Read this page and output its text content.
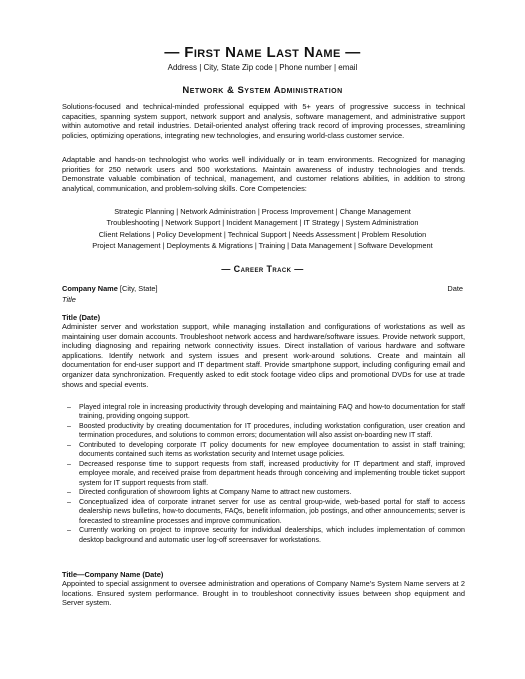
— First Name Last Name —
Address | City, State Zip code | Phone number | email
Network & System Administration
Solutions-focused and technical-minded professional equipped with 5+ years of progressive success in technical capacities, spanning system support, network support and analysis, software management, and administrative support within automotive and retail industries. Detail-oriented analyst offering track record of improving processes, streamlining policies, optimizing operations, integrating new technologies, and ensuring world-class customer service.
Adaptable and hands-on technologist who works well individually or in team environments. Recognized for managing priorities for 250 network users and 500 workstations. Maintain awareness of industry technologies and trends. Demonstrate valuable combination of technical, management, and customer relations abilities, in addition to strong analytical, communication, and problem-solving skills. Core Competencies:
Strategic Planning | Network Administration | Process Improvement | Change Management
Troubleshooting | Network Support | Incident Management | IT Strategy | System Administration
Client Relations | Policy Development | Technical Support | Needs Assessment | Problem Resolution
Project Management | Deployments & Migrations | Training | Data Management | Software Development
— Career Track —
Company Name [City, State]	Date
Title
Title (Date)
Administer server and workstation support, while managing installation and configurations of workstations as well as maintaining user domain accounts. Troubleshoot network access and hardware/software issues. Provide network support, including diagnosing and repairing network connectivity issues. Direct installation of various hardware and software applications. Identify network and system issues and present work-around solutions. Create and maintain all documentation for end-user support and IT department staff. Provide smartphone support, including configuring email and organizer data synchronization. Frequently asked to edit stock footage video clips and promotional DVDs for use at trade shows and special events.
– Played integral role in increasing productivity through developing and maintaining FAQ and how-to documentation for staff training, providing ongoing support.
– Boosted productivity by creating documentation for IT procedures, including workstation configuration, user creation and termination procedures, and solutions to common errors; documentation will also assist on-boarding new IT staff.
– Contributed to developing corporate IT policy documents for new employee documentation to assist in staff training; documents contained such items as workstation security and Internet usage policies.
– Decreased response time to support requests from staff, increased productivity for IT department and staff, improved employee morale, and received praise from department heads through conceiving and implementing trouble ticket support system for IT support requests from staff.
– Directed configuration of showroom lights at Company Name to attract new customers.
– Conceptualized idea of corporate intranet server for use as central group-wide, web-based portal for staff to access dealership news bulletins, how-to documents, FAQs, benefit information, job postings, and other announcements; server is forecasted to streamline processes and improve communication.
– Currently working on project to improve security for individual dealerships, which includes implementation of common desktop background and automatic user log-off screensaver for workstations.
Title—Company Name (Date)
Appointed to special assignment to oversee administration and operations of Company Name's System Name servers at 2 locations. Ensured system performance. Brought in to troubleshoot connectivity issues between shop equipment and Server system.
